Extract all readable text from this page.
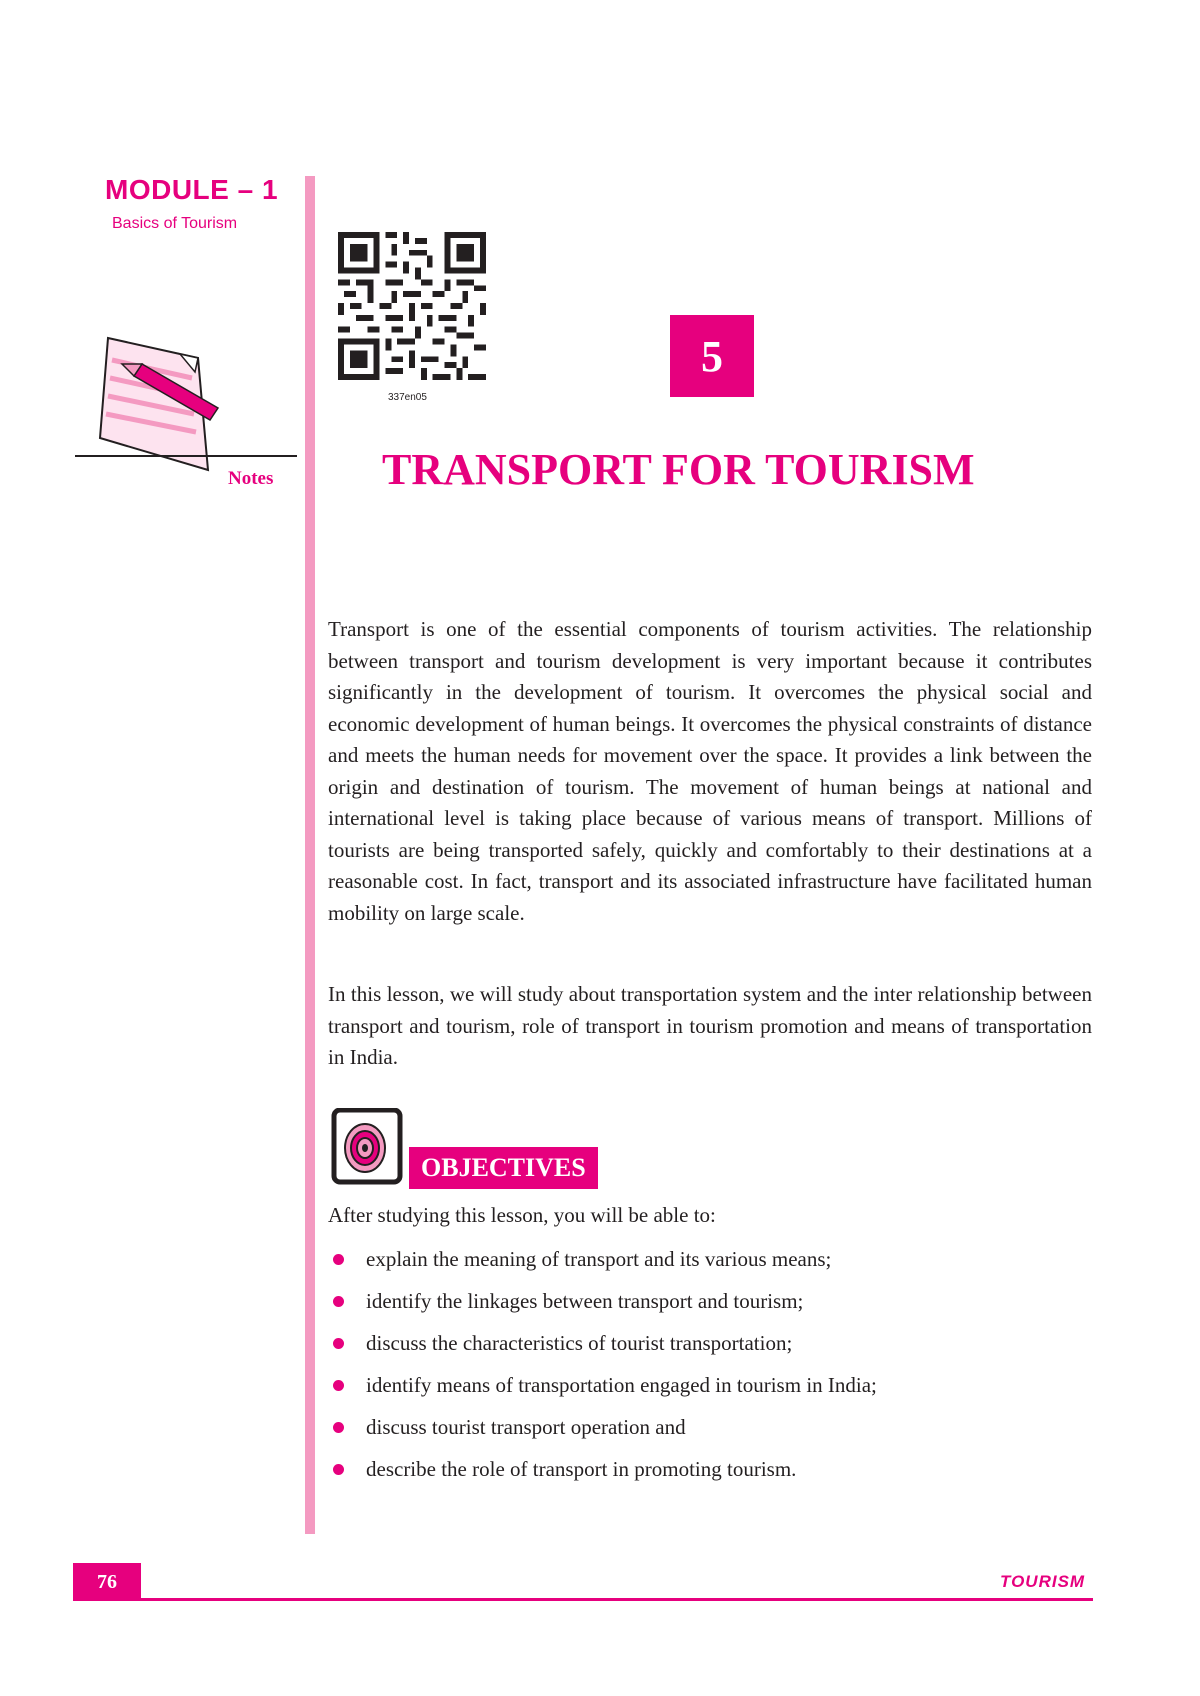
MODULE – 1
Basics of Tourism
Notes
337en05
5
TRANSPORT FOR TOURISM
Transport is one of the essential components of tourism activities. The relationship between transport and tourism development is very important because it contributes significantly in the development of tourism. It overcomes the physical social and economic development of human beings. It overcomes the physical constraints of distance and meets the human needs for movement over the space. It provides a link between the origin and destination of tourism. The movement of human beings at national and international level is taking place because of various means of transport. Millions of tourists are being transported safely, quickly and comfortably to their destinations at a reasonable cost. In fact, transport and its associated infrastructure have facilitated human mobility on large scale.
In this lesson, we will study about transportation system and the inter relationship between transport and tourism, role of transport in tourism promotion and means of transportation in India.
OBJECTIVES
After studying this lesson, you will be able to:
explain the meaning of transport and its various means;
identify the linkages between transport and tourism;
discuss the characteristics of tourist transportation;
identify means of transportation engaged in tourism in India;
discuss tourist transport operation and
describe the role of transport in promoting tourism.
76	TOURISM
